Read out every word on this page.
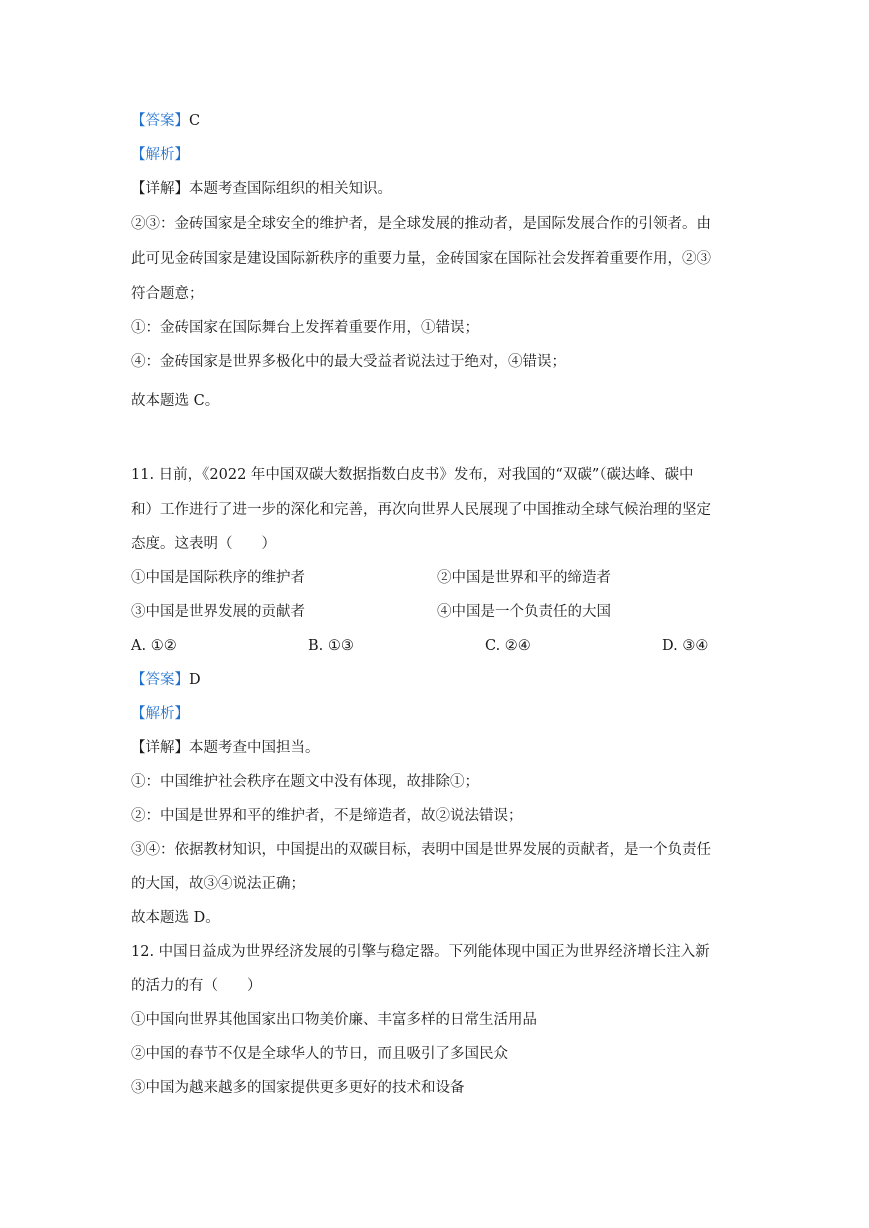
【答案】C
【解析】
【详解】本题考查国际组织的相关知识。
②③：金砖国家是全球安全的维护者，是全球发展的推动者，是国际发展合作的引领者。由
此可见金砖国家是建设国际新秩序的重要力量，金砖国家在国际社会发挥着重要作用，②③
符合题意；
①：金砖国家在国际舞台上发挥着重要作用，①错误；
④：金砖国家是世界多极化中的最大受益者说法过于绝对，④错误；
故本题选 C。
11. 日前，《2022 年中国双碳大数据指数白皮书》发布，对我国的“双碳”（碳达峰、碳中
和）工作进行了进一步的深化和完善，再次向世界人民展现了中国推动全球气候治理的坚定
态度。这表明（　　）
①中国是国际秩序的维护者	②中国是世界和平的缔造者
③中国是世界发展的贡献者	④中国是一个负责任的大国
A. ①②	B. ①③	C. ②④	D. ③④
【答案】D
【解析】
【详解】本题考查中国担当。
①：中国维护社会秩序在题文中没有体现，故排除①；
②：中国是世界和平的维护者，不是缔造者，故②说法错误；
③④：依据教材知识，中国提出的双碳目标，表明中国是世界发展的贡献者，是一个负责任
的大国，故③④说法正确；
故本题选 D。
12. 中国日益成为世界经济发展的引擎与稳定器。下列能体现中国正为世界经济增长注入新
的活力的有（　　）
①中国向世界其他国家出口物美价廉、丰富多样的日常生活用品
②中国的春节不仅是全球华人的节日，而且吸引了多国民众
③中国为越来越多的国家提供更多更好的技术和设备
